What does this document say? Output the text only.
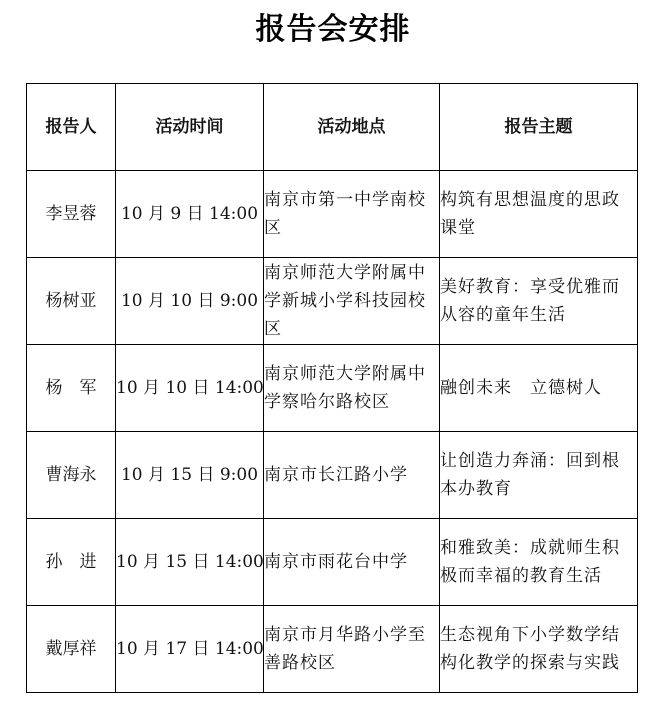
报告会安排
报告人	活动时间	活动地点	报告主题
李昱蓉	10 月 9 日 14:00	南京市第一中学南校区	构筑有思想温度的思政课堂
杨树亚	10 月 10 日 9:00	南京师范大学附属中学新城小学科技园校区	美好教育：享受优雅而从容的童年生活
杨　军	10 月 10 日 14:00	南京师范大学附属中学察哈尔路校区	融创未来　立德树人
曹海永	10 月 15 日 9:00	南京市长江路小学	让创造力奔涌：回到根本办教育
孙　进	10 月 15 日 14:00	南京市雨花台中学	和雅致美：成就师生积极而幸福的教育生活
戴厚祥	10 月 17 日 14:00	南京市月华路小学至善路校区	生态视角下小学数学结构化教学的探索与实践
